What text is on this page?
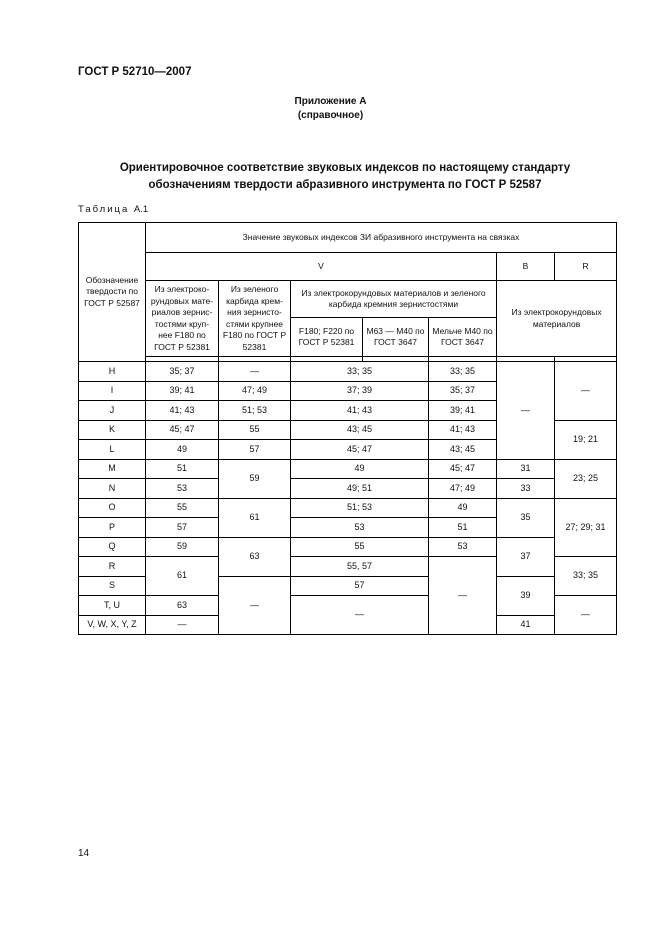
ГОСТ Р 52710—2007
Приложение А
(справочное)
Ориентировочное соответствие звуковых индексов по настоящему стандарту
обозначениям твердости абразивного инструмента по ГОСТ Р 52587
Таблица А.1
Обозначение твердости по ГОСТ Р 52587	Значение звуковых индексов ЗИ абразивного инструмента на связках						
	V					B	R
	Из электроко-рундовых мате-риалов зернис-тостями круп-нее F180 по ГОСТ Р 52381	Из зеленого карбида крем-ния зернисто-стями крупнее F180 по ГОСТ Р 52381	Из электрокорундовых материалов и зеленого карбида кремния зернистостями			Из электрокорундовых материалов	
			F180; F220 по ГОСТ Р 52381	M63 — M40 по ГОСТ 3647	Мельче М40 по ГОСТ 3647		

H	35; 37	—	33; 35		33; 35	—	—
I	39; 41	47; 49	37; 39		35; 37		
J	41; 43	51; 53	41; 43		39; 41		
K	45; 47	55	43; 45		41; 43		19; 21
L	49	57	45; 47		43; 45		
M	51	59	49		45; 47	31	23; 25
N	53		49; 51		47; 49	33	
O	55	61	51; 53		49	35	27; 29; 31
P	57		53		51		
Q	59	63	55		53	37	
R	61		55, 57		—		33; 35
S		—	57			39	
T, U	63		—				—
V, W, X, Y, Z	—					41	
14
